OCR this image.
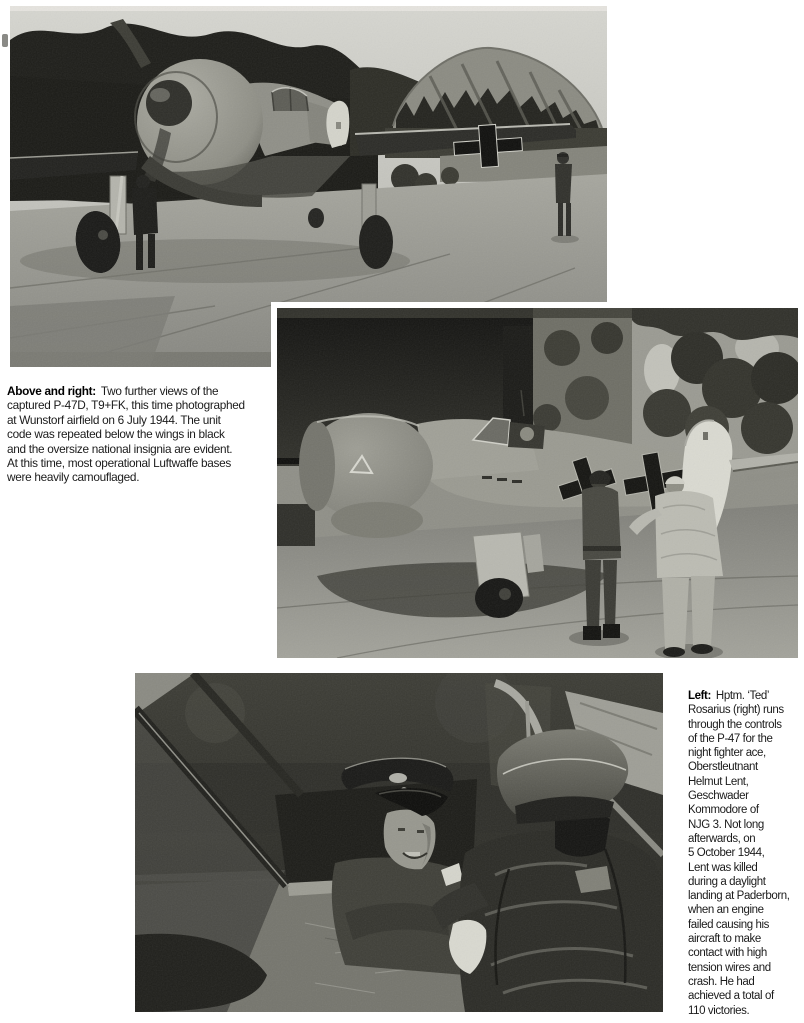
Above and right: Two further views of the
captured P-47D, T9+FK, this time photographed
at Wunstorf airfield on 6 July 1944. The unit
code was repeated below the wings in black
and the oversize national insignia are evident.
At this time, most operational Luftwaffe bases
were heavily camouflaged.
Left: Hptm. ‘Ted’
Rosarius (right) runs
through the controls
of the P-47 for the
night fighter ace,
Oberstleutnant
Helmut Lent,
Geschwader
Kommodore of
NJG 3. Not long
afterwards, on
5 October 1944,
Lent was killed
during a daylight
landing at Paderborn,
when an engine
failed causing his
aircraft to make
contact with high
tension wires and
crash. He had
achieved a total of
110 victories.
